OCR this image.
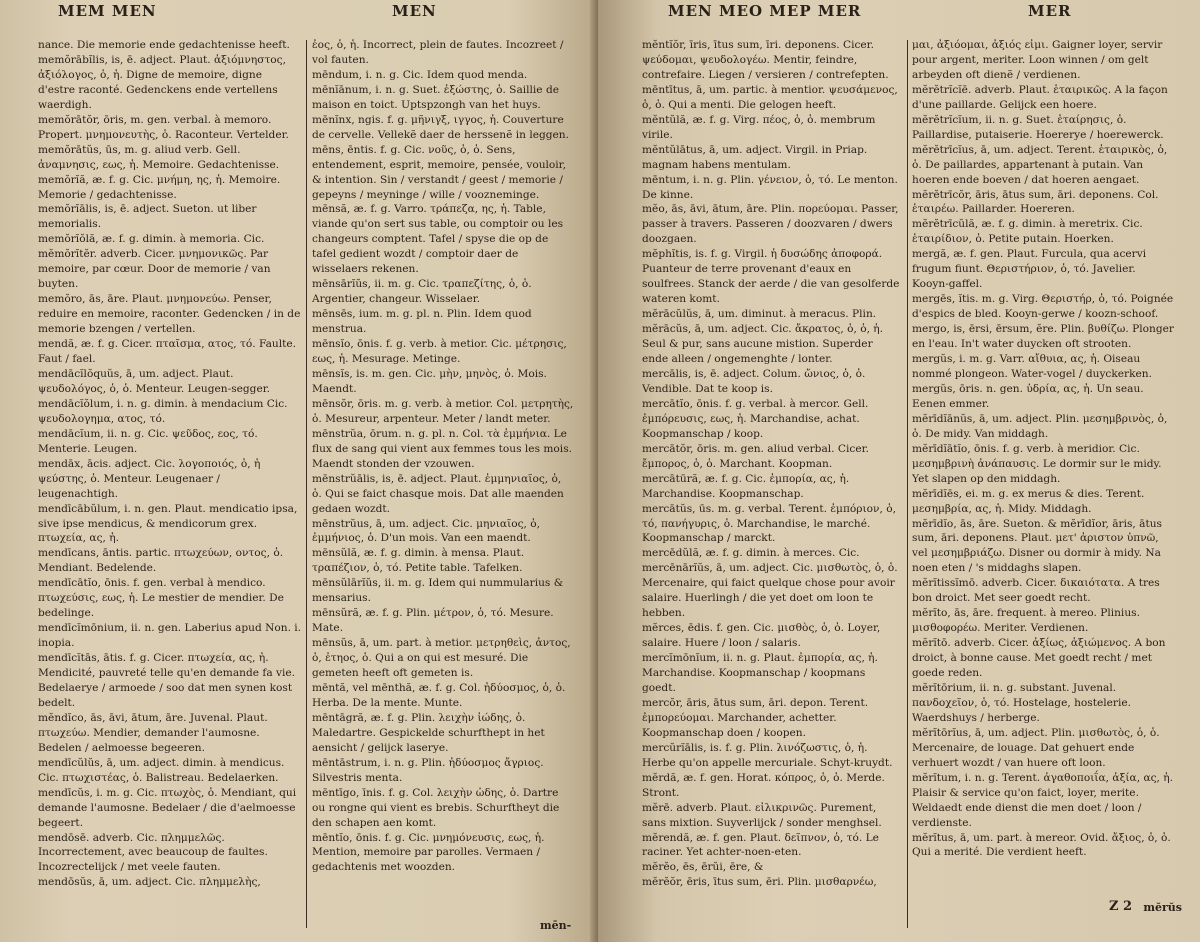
MEM MEN	MEN

nance. Die memorie ende gedachtenisse heeft.

memŏrābĭlis, is, ē. adject. Plaut. ἀξιόμνηστος, ἀξιόλογος, ὁ, ἡ. Digne de memoire, digne d'estre raconté. Gedenckens ende vertellens waerdigh.

memŏrātŏr, ōris, m. gen. verbal. à memoro. Propert. μνημονευτὴς, ὁ. Raconteur. Vertelder.

memŏrātŭs, ūs, m. g. aliud verb. Gell. ἀναμνησις, εως, ἡ. Memoire. Gedachtenisse.

memŏrĭă, æ. f. g. Cic. μνήμη, ης, ἡ. Memoire. Memorie / gedachtenisse.

memŏrĭālis, is, ē. adject. Sueton. ut liber memorialis.

memŏrĭŏlă, æ. f. g. dimin. à memoria. Cic.

mĕmŏrĭtĕr. adverb. Cicer. μνημονικῶς. Par memoire, par cœur. Door de memorie / van buyten.

memŏro, ās, āre. Plaut. μνημονεύω. Penser, reduire en memoire, raconter. Gedencken / in de memorie bzengen / vertellen.

mendă, æ. f. g. Cicer. πταῖσμα, ατος, τό. Faulte. Faut / fael.

mendācĭlŏquŭs, ā, um. adject. Plaut. ψευδολόγος, ὁ, ὁ. Menteur. Leugen-segger.

mendācĭŏlum, i. n. g. dimin. à mendacium Cic. ψευδολογημα, ατος, τό.

mendācĭum, ii. n. g. Cic. ψεῦδος, εος, τό. Menterie. Leugen.

mendāx, ācis. adject. Cic. λογοποιός, ὁ, ἡ ψεύστης, ὁ. Menteur. Leugenaer / leugenachtigh.

mendīcābŭlum, i. n. gen. Plaut. mendicatio ipsa, sive ipse mendicus, & mendicorum grex. πτωχεία, ας, ἡ.

mendīcans, āntis. partic. πτωχεύων, οντος, ὁ. Mendiant. Bedelende.

mendīcātĭo, ōnis. f. gen. verbal à mendico. πτωχεύσις, εως, ἡ. Le mestier de mendier. De bedelinge.

mendīcĭmōnium, ii. n. gen. Laberius apud Non. i. inopia.

mendīcĭtās, ātis. f. g. Cicer. πτωχεία, ας, ἡ. Mendicité, pauvreté telle qu'en demande fa vie. Bedelaerye / armoede / soo dat men synen kost bedelt.

mĕndĭco, ās, āvi, ātum, āre. Juvenal. Plaut. πτωχεύω. Mendier, demander l'aumosne. Bedelen / aelmoesse begeeren.

mendīcŭlŭs, ā, um. adject. dimin. à mendicus. Cic. πτωχιστέας, ὁ. Balistreau. Bedelaerken.

mendīcŭs, i. m. g. Cic. πτωχὸς, ὁ. Mendiant, qui demande l'aumosne. Bedelaer / die d'aelmoesse begeert.

mendōsē. adverb. Cic. πλημμελῶς. Incorrectement, avec beaucoup de faultes. Incozrectelijck / met veele fauten.

mendōsŭs, ā, um. adject. Cic. πλημμελὴς,

ἐος, ὁ, ἡ. Incorrect, plein de fautes. Incozreet / vol fauten.

mēndum, i. n. g. Cic. Idem quod menda.

mēnĭānum, i. n. g. Suet. ἐξώστης, ὁ. Saillie de maison en toict. Uptspzongh van het huys.

mēnĭnx, ngis. f. g. μῆνιγξ, ιγγος, ἡ. Couverture de cervelle. Vellekẽ daer de herssenẽ in leggen.

mēns, ēntis. f. g. Cic. νοῦς, ὁ, ὁ. Sens, entendement, esprit, memoire, pensée, vouloir, & intention. Sin / verstandt / geest / memorie / gepeyns / meyninge / wille / voozneminge.

mēnsă, æ. f. g. Varro. τράπεζα, ης, ἡ. Table, viande qu'on sert sus table, ou comptoir ou les changeurs comptent. Tafel / spyse die op de tafel gedient wozdt / comptoir daer de wisselaers rekenen.

mēnsārĭŭs, ii. m. g. Cic. τραπεζίτης, ὁ, ὁ. Argentier, changeur. Wisselaer.

mēnsēs, ium. m. g. pl. n. Plin. Idem quod menstrua.

mēnsĭo, ōnis. f. g. verb. à metior. Cic. μέτρησις, εως, ἡ. Mesurage. Metinge.

mēnsĭs, is. m. gen. Cic. μὴν, μηνὸς, ὁ. Mois. Maendt.

mēnsŏr, ōris. m. g. verb. à metior. Col. μετρητὴς, ὁ. Mesureur, arpenteur. Meter / landt meter.

mēnstrŭa, ōrum. n. g. pl. n. Col. τὰ ἐμμήνια. Le flux de sang qui vient aux femmes tous les mois. Maendt stonden der vzouwen.

mēnstrŭālis, is, ē. adject. Plaut. ἐμμηνιαῖος, ὁ, ὁ. Qui se faict chasque mois. Dat alle maenden gedaen wozdt.

mēnstrŭus, ā, um. adject. Cic. μηνιαῖος, ὁ, ἐμμήνιος, ὁ. D'un mois. Van een maendt.

mēnsŭlă, æ. f. g. dimin. à mensa. Plaut. τραπέζιον, ὁ, τό. Petite table. Tafelken.

mēnsŭlārĭŭs, ii. m. g. Idem qui nummularius & mensarius.

mēnsŭră, æ. f. g. Plin. μέτρον, ὁ, τό. Mesure. Mate.

mēnsŭs, ā, um. part. à metior. μετρηθεὶς, ἀντος, ὁ, ἐτηος, ὁ. Qui a on qui est mesuré. Die gemeten heeft oft gemeten is.

mēntă, vel mēnthă, æ. f. g. Col. ἡδύοσμος, ὁ, ὁ. Herba. De la mente. Munte.

mēntāgră, æ. f. g. Plin. λειχὴν ἰώδης, ὁ. Maledartre. Gespickelde schurfthept in het aensicht / gelijck laserye.

mēntāstrum, i. n. g. Plin. ἡδύοσμος ἄγριος. Silvestris menta.

mēntīgo, īnis. f. g. Col. λειχὴν ὠδης, ὁ. Dartre ou rongne qui vient es brebis. Schurftheyt die den schapen aen komt.

mēntĭo, ōnis. f. g. Cic. μνημόνευσις, εως, ἡ. Mention, memoire par parolles. Vermaen / gedachtenis met woozden.

mēn-
MEN MEO MEP MER	MER

mĕntĭŏr, īris, ītus sum, īri. deponens. Cicer. ψεύδομαι, ψευδολογέω. Mentir, feindre, contrefaire. Liegen / versieren / contrefepten.

mēntītus, ā, um. partic. à mentior. ψευσάμενος, ὁ, ὁ. Qui a menti. Die gelogen heeft.

mĕntŭlă, æ. f. g. Virg. πέος, ὁ, ὁ. membrum virile.

mĕntŭlātus, ā, um. adject. Virgil. in Priap. magnam habens mentulam.

mēntum, i. n. g. Plin. γένειον, ὁ, τό. Le menton. De kinne.

mĕo, ās, āvi, ātum, āre. Plin. πορεύομαι. Passer, passer à travers. Passeren / doozvaren / dwers doozgaen.

mĕphĭtis, is. f. g. Virgil. ἡ δυσώδης ἀποφορά. Puanteur de terre provenant d'eaux en soulfrees. Stanck der aerde / die van gesolferde wateren komt.

mĕrācŭlŭs, ā, um. diminut. à meracus. Plin.

mĕrācŭs, ā, um. adject. Cic. ἄκρατος, ὁ, ὁ, ἡ. Seul & pur, sans aucune mistion. Superder ende alleen / ongemenghte / lonter.

mercālis, is, ē. adject. Colum. ὤνιος, ὁ, ὁ. Vendible. Dat te koop is.

mercātĭo, ōnis. f. g. verbal. à mercor. Gell. ἐμπόρευσις, εως, ἡ. Marchandise, achat. Koopmanschap / koop.

mercātŏr, ōris. m. gen. aliud verbal. Cicer. ἔμπορος, ὁ, ὁ. Marchant. Koopman.

mercātūră, æ. f. g. Cic. ἐμπορία, ας, ἡ. Marchandise. Koopmanschap.

mercātŭs, ūs. m. g. verbal. Terent. ἐμπόριον, ὁ, τό, πανήγυρις, ὁ. Marchandise, le marché. Koopmanschap / marckt.

mercēdŭlă, æ. f. g. dimin. à merces. Cic.

mercēnārĭŭs, ā, um. adject. Cic. μισθωτὸς, ὁ, ὁ. Mercenaire, qui faict quelque chose pour avoir salaire. Huerlingh / die yet doet om loon te hebben.

mĕrces, ēdis. f. gen. Cic. μισθὸς, ὁ, ὁ. Loyer, salaire. Huere / loon / salaris.

mercĭmōnĭum, ii. n. g. Plaut. ἐμπορία, ας, ἡ. Marchandise. Koopmanschap / koopmans goedt.

mercŏr, āris, ātus sum, āri. depon. Terent. ἐμπορεύομαι. Marchander, achetter. Koopmanschap doen / koopen.

mercŭrĭālis, is. f. g. Plin. λινόζωστις, ὁ, ἡ. Herbe qu'on appelle mercuriale. Schyt-kruydt.

mĕrdă, æ. f. gen. Horat. κόπρος, ὁ, ὁ. Merde. Stront.

mĕrē. adverb. Plaut. εἰλικρινῶς. Purement, sans mixtion. Suyverlijck / sonder menghsel.

mĕrendă, æ. f. gen. Plaut. δεῖπνον, ὁ, τό. Le raciner. Yet achter-noen-eten.

mĕrĕo, ēs, ērŭi, ēre, &

mĕrĕŏr, ēris, ītus sum, ēri. Plin. μισθαρνέω,

μαι, ἀξιόομαι, ἀξιός εἰμι. Gaigner loyer, servir pour argent, meriter. Loon winnen / om gelt arbeyden oft dienẽ / verdienen.

mĕrĕtrĭcĭē. adverb. Plaut. ἑταιρικῶς. A la façon d'une paillarde. Gelijck een hoere.

mĕrĕtrĭcĭum, ii. n. g. Suet. ἑταίρησις, ὁ. Paillardise, putaiserie. Hoererye / hoerewerck.

mĕrĕtrīcĭus, ā, um. adject. Terent. ἑταιρικὸς, ὁ, ὁ. De paillardes, appartenant à putain. Van hoeren ende boeven / dat hoeren aengaet.

mĕrĕtrīcŏr, āris, ātus sum, āri. deponens. Col. ἑταιρέω. Paillarder. Hoereren.

mĕrĕtrīcŭlă, æ. f. g. dimin. à meretrix. Cic. ἑταιρίδιον, ὁ. Petite putain. Hoerken.

mergă, æ. f. gen. Plaut. Furcula, qua acervi frugum fiunt. Θεριστήριον, ὁ, τό. Javelier. Kooyn-gaffel.

mergēs, ĭtis. m. g. Virg. Θεριστήρ, ὁ, τό. Poignée d'espics de bled. Kooyn-gerwe / koozn-schoof.

mergo, is, ērsi, ērsum, ĕre. Plin. βυθίζω. Plonger en l'eau. In't water duycken oft strooten.

mergŭs, i. m. g. Varr. αἴθυια, ας, ἡ. Oiseau nommé plongeon. Water-vogel / duyckerken.

mergŭs, ōris. n. gen. ὑδρία, ας, ἡ. Un seau. Eenen emmer.

mĕrīdĭānŭs, ā, um. adject. Plin. μεσημβρινὸς, ὁ, ὁ. De midy. Van middagh.

mĕrīdĭātĭo, ōnis. f. g. verb. à meridior. Cic. μεσημβρινὴ ἀνάπαυσις. Le dormir sur le midy. Yet slapen op den middagh.

mĕrīdĭēs, ei. m. g. ex merus & dies. Terent. μεσημβρία, ας, ἡ. Midy. Middagh.

mĕrīdĭo, ās, āre. Sueton. & mĕrīdĭor, āris, ātus sum, āri. deponens. Plaut. μετ' ἀριστον ὑπνῶ, vel μεσημβριάζω. Disner ou dormir à midy. Na noen eten / 's middaghs slapen.

mĕrĭtissĭmō. adverb. Cicer. δικαιότατα. A tres bon droict. Met seer goedt recht.

mĕrĭto, ās, āre. frequent. à mereo. Plinius. μισθοφορέω. Meriter. Verdienen.

mĕrĭtō. adverb. Cicer. ἀξίως, ἀξιώμενος. A bon droict, à bonne cause. Met goedt recht / met goede reden.

mĕrĭtōrium, ii. n. g. substant. Juvenal. πανδοχεῖον, ὁ, τό. Hostelage, hostelerie. Waerdshuys / herberge.

mĕrĭtōrĭus, ā, um. adject. Plin. μισθωτὸς, ὁ, ὁ. Mercenaire, de louage. Dat gehuert ende verhuert wozdt / van huere oft loon.

mĕrĭtum, i. n. g. Terent. ἀγαθοποιΐα, ἀξία, ας, ἡ. Plaisir & service qu'on faict, loyer, merite. Weldaedt ende dienst die men doet / loon / verdienste.

mĕrĭtus, ā, um. part. à mereor. Ovid. ἄξιος, ὁ, ὁ. Qui a merité. Die verdient heeft.

Z 2 mĕrŭs
